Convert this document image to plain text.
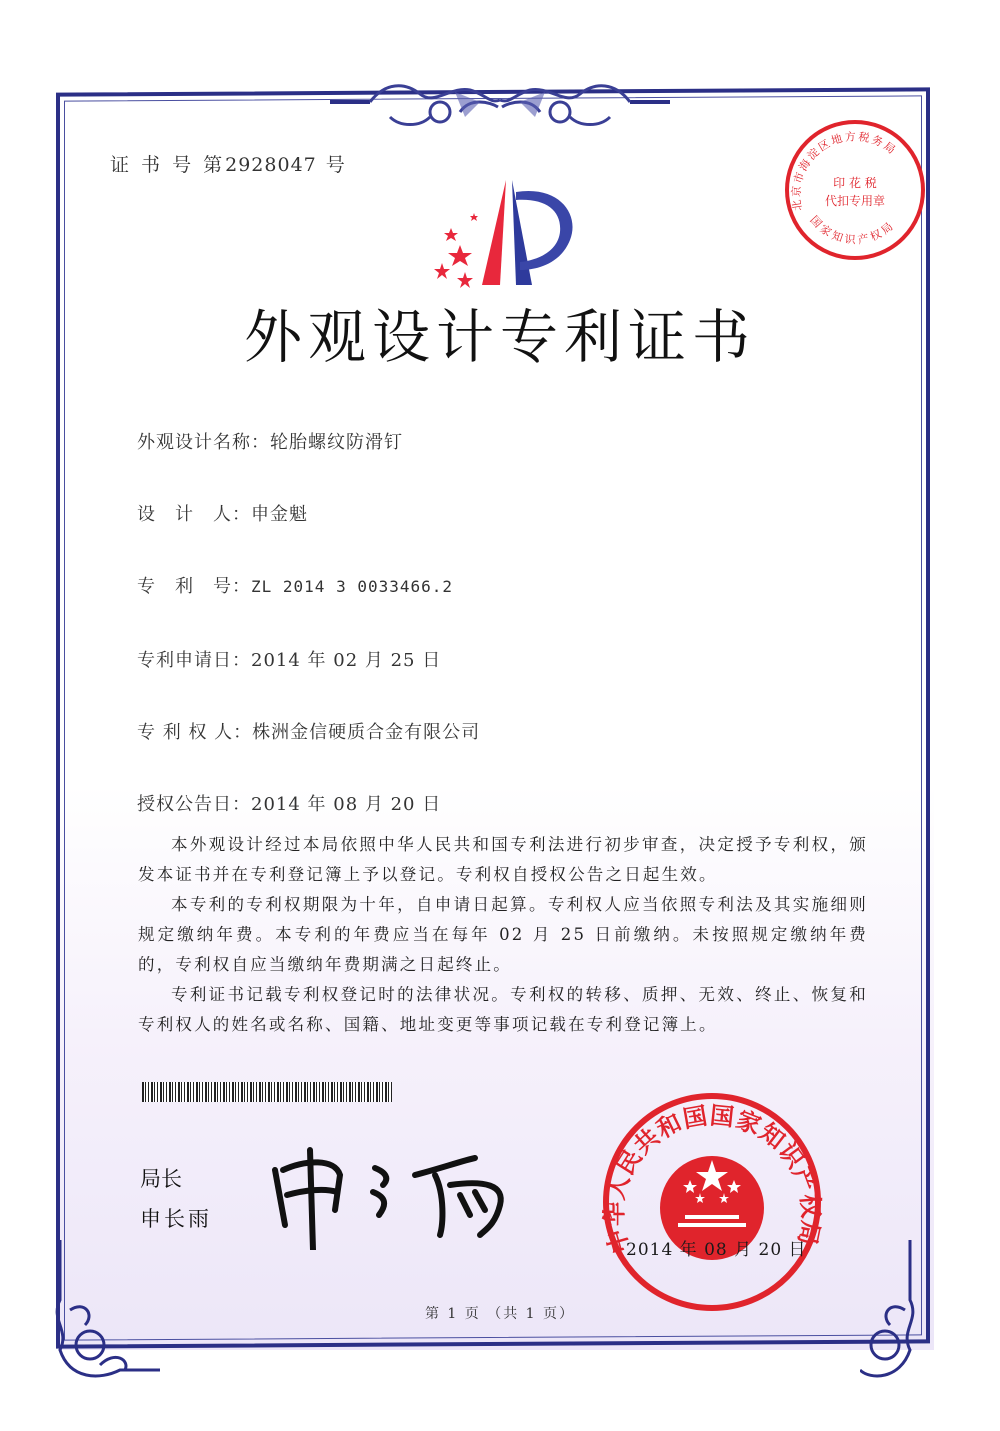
证 书 号 第2928047 号
北京市海淀区地方税务局
国家知识产权局
印 花 税
代扣专用章
外观设计专利证书
外观设计名称：轮胎螺纹防滑钉
设　计　人：申金魁
专　利　号：ZL 2014 3 0033466.2
专利申请日：2014 年 02 月 25 日
专 利 权 人：株洲金信硬质合金有限公司
授权公告日：2014 年 08 月 20 日

本外观设计经过本局依照中华人民共和国专利法进行初步审查，决定授予专利权，颁发本证书并在专利登记簿上予以登记。专利权自授权公告之日起生效。

本专利的专利权期限为十年，自申请日起算。专利权人应当依照专利法及其实施细则规定缴纳年费。本专利的年费应当在每年 02 月 25 日前缴纳。未按照规定缴纳年费的，专利权自应当缴纳年费期满之日起终止。

专利证书记载专利权登记时的法律状况。专利权的转移、质押、无效、终止、恢复和专利权人的姓名或名称、国籍、地址变更等事项记载在专利登记簿上。

局长
申长雨
中华人民共和国国家知识产权局
2014 年 08 月 20 日
第 1 页 （共 1 页）
